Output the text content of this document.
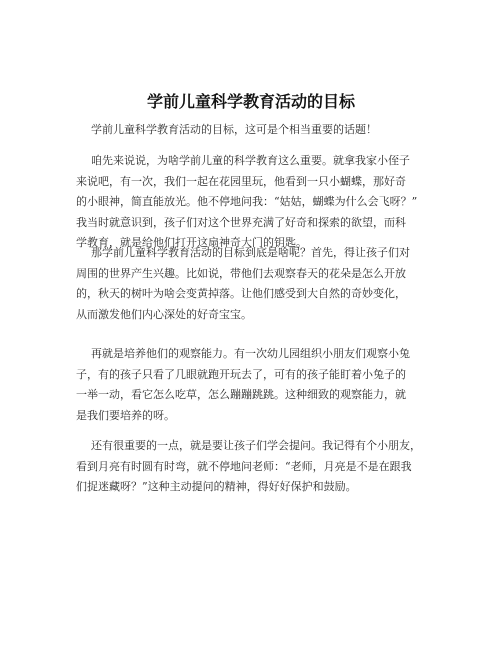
学前儿童科学教育活动的目标
学前儿童科学教育活动的目标，这可是个相当重要的话题！
咱先来说说，为啥学前儿童的科学教育这么重要。就拿我家小侄子
来说吧，有一次，我们一起在花园里玩，他看到一只小蝴蝶，那好奇
的小眼神，简直能放光。他不停地问我：“姑姑，蝴蝶为什么会飞呀？”
我当时就意识到，孩子们对这个世界充满了好奇和探索的欲望，而科
学教育，就是给他们打开这扇神奇大门的钥匙。
那学前儿童科学教育活动的目标到底是啥呢？首先，得让孩子们对
周围的世界产生兴趣。比如说，带他们去观察春天的花朵是怎么开放
的，秋天的树叶为啥会变黄掉落。让他们感受到大自然的奇妙变化，
从而激发他们内心深处的好奇宝宝。
再就是培养他们的观察能力。有一次幼儿园组织小朋友们观察小兔
子，有的孩子只看了几眼就跑开玩去了，可有的孩子能盯着小兔子的
一举一动，看它怎么吃草，怎么蹦蹦跳跳。这种细致的观察能力，就
是我们要培养的呀。
还有很重要的一点，就是要让孩子们学会提问。我记得有个小朋友，
看到月亮有时圆有时弯，就不停地问老师：“老师，月亮是不是在跟我
们捉迷藏呀？”这种主动提问的精神，得好好保护和鼓励。
